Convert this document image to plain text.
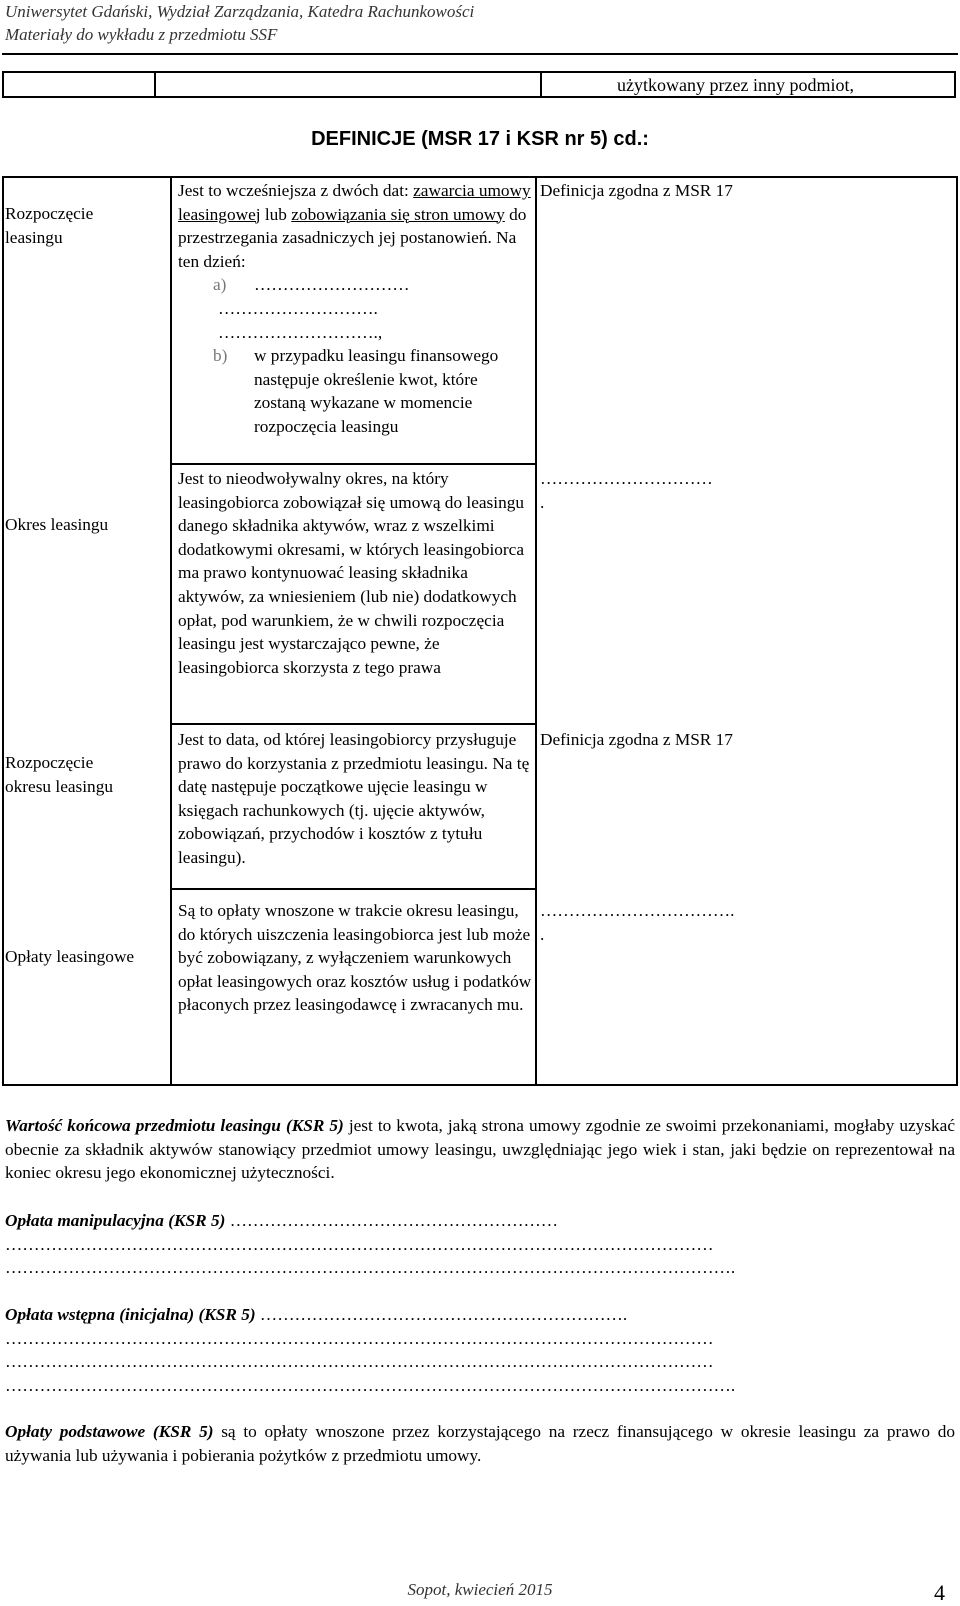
Uniwersytet Gdański, Wydział Zarządzania, Katedra Rachunkowości
Materiały do wykładu z przedmiotu SSF
użytkowany przez inny podmiot,
DEFINICJE (MSR 17 i KSR nr 5) cd.:
Rozpoczęcie
leasingu
Jest to wcześniejsza z dwóch dat: zawarcia umowy leasingowej lub zobowiązania się stron umowy do przestrzegania zasadniczych jej postanowień. Na ten dzień:
a) ………………………
……………………….
……………………….,
b) w przypadku leasingu finansowego następuje określenie kwot, które zostaną wykazane w momencie rozpoczęcia leasingu
Definicja zgodna z MSR 17
Okres leasingu
Jest to nieodwoływalny okres, na który leasingobiorca zobowiązał się umową do leasingu danego składnika aktywów, wraz z wszelkimi dodatkowymi okresami, w których leasingobiorca ma prawo kontynuować leasing składnika aktywów, za wniesieniem (lub nie) dodatkowych opłat, pod warunkiem, że w chwili rozpoczęcia leasingu jest wystarczająco pewne, że leasingobiorca skorzysta z tego prawa
…………………………
.
Rozpoczęcie
okresu leasingu
Jest to data, od której leasingobiorcy przysługuje prawo do korzystania z przedmiotu leasingu. Na tę datę następuje początkowe ujęcie leasingu w księgach rachunkowych (tj. ujęcie aktywów, zobowiązań, przychodów i kosztów z tytułu leasingu).
Definicja zgodna z MSR 17
Opłaty leasingowe
Są to opłaty wnoszone w trakcie okresu leasingu, do których uiszczenia leasingobiorca jest lub może być zobowiązany, z wyłączeniem warunkowych opłat leasingowych oraz kosztów usług i podatków płaconych przez leasingodawcę i zwracanych mu.
…………………………….
.
Wartość końcowa przedmiotu leasingu (KSR 5) jest to kwota, jaką strona umowy zgodnie ze swoimi przekonaniami, mogłaby uzyskać obecnie za składnik aktywów stanowiący przedmiot umowy leasingu, uwzględniając jego wiek i stan, jaki będzie on reprezentował na koniec okresu jego ekonomicznej użyteczności.
Opłata manipulacyjna (KSR 5) …………………………………………………
……………………………………………………………………………………………………………
……………………………………………………………………………………………………………….
Opłata wstępna (inicjalna) (KSR 5) ……………………………………………………….
……………………………………………………………………………………………………………
……………………………………………………………………………………………………………
……………………………………………………………………………………………………………….
Opłaty podstawowe (KSR 5) są to opłaty wnoszone przez korzystającego na rzecz finansującego w okresie leasingu za prawo do używania lub używania i pobierania pożytków z przedmiotu umowy.
Sopot, kwiecień 2015	4
